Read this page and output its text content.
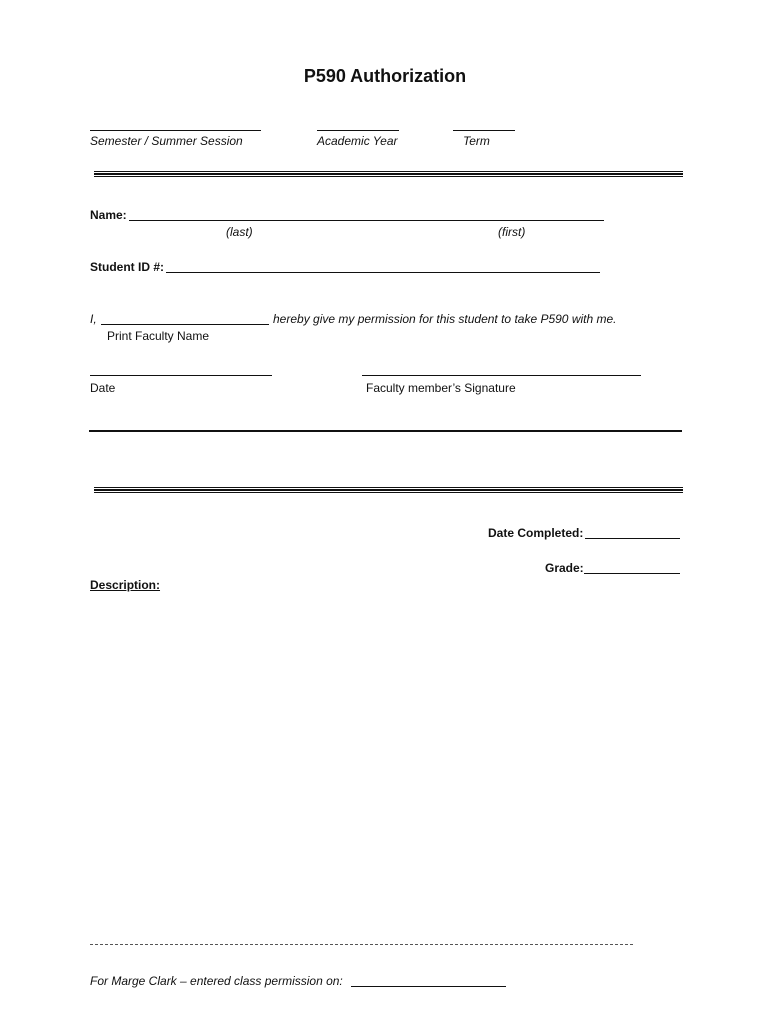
P590 Authorization
Semester / Summer Session	Academic Year	Term
Name:
(last)	(first)
Student ID #:
I,	hereby give my permission for this student to take P590 with me.
Print Faculty Name
Date	Faculty member’s Signature
Date Completed:
Grade:
Description:
For Marge Clark – entered class permission on:
